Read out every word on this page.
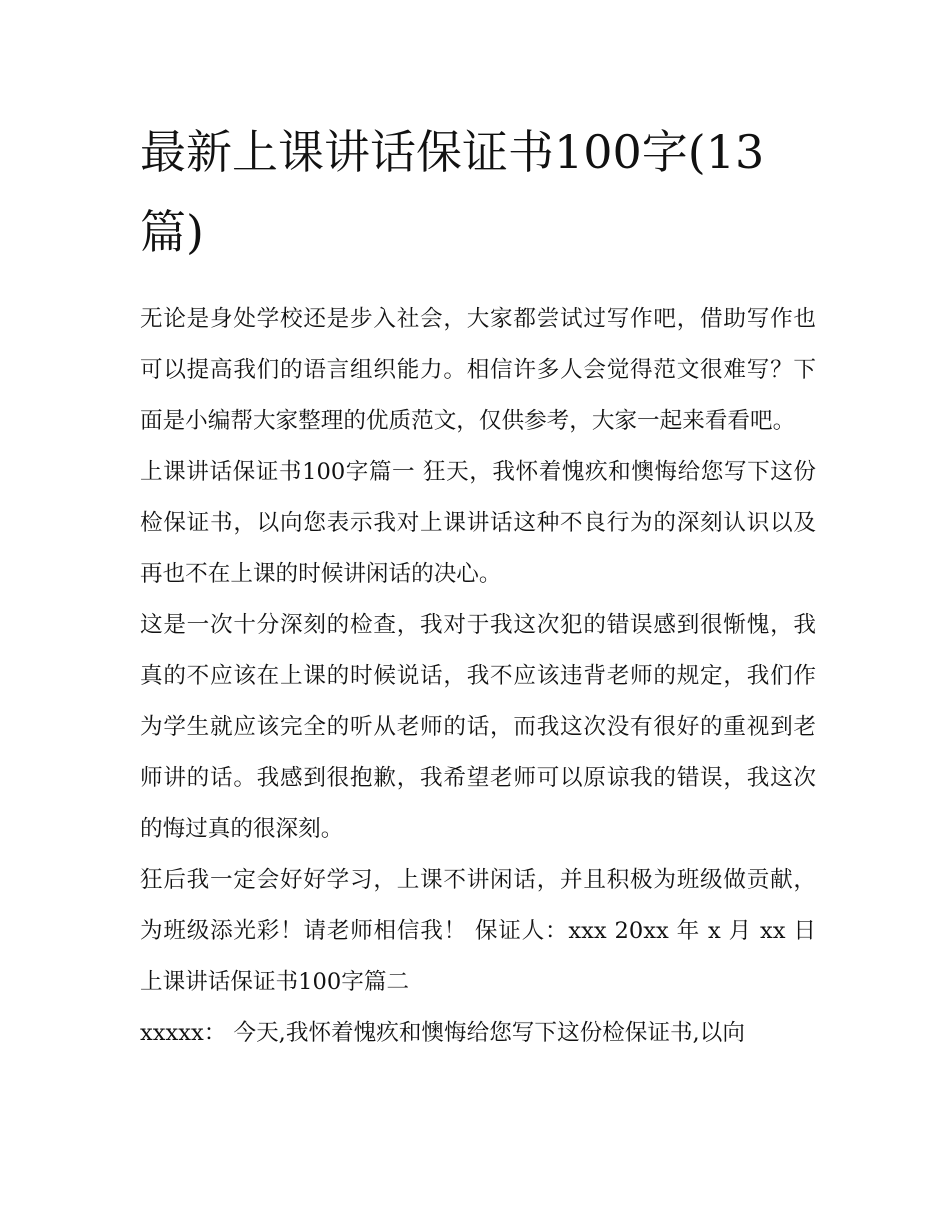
最新上课讲话保证书100字(13篇)

无论是身处学校还是步入社会，大家都尝试过写作吧，借助写作也可以提高我们的语言组织能力。相信许多人会觉得范文很难写？下面是小编帮大家整理的优质范文，仅供参考，大家一起来看看吧。

上课讲话保证书100字篇一 狂天，我怀着愧疚和懊悔给您写下这份检保证书，以向您表示我对上课讲话这种不良行为的深刻认识以及再也不在上课的时候讲闲话的决心。

这是一次十分深刻的检查，我对于我这次犯的错误感到很惭愧，我真的不应该在上课的时候说话，我不应该违背老师的规定，我们作为学生就应该完全的听从老师的话，而我这次没有很好的重视到老师讲的话。我感到很抱歉，我希望老师可以原谅我的错误，我这次的悔过真的很深刻。

狂后我一定会好好学习，上课不讲闲话，并且积极为班级做贡献，为班级添光彩！请老师相信我！ 保证人：xxx 20xx 年 x 月 xx 日 上课讲话保证书100字篇二

xxxxx： 今天,我怀着愧疚和懊悔给您写下这份检保证书,以向
